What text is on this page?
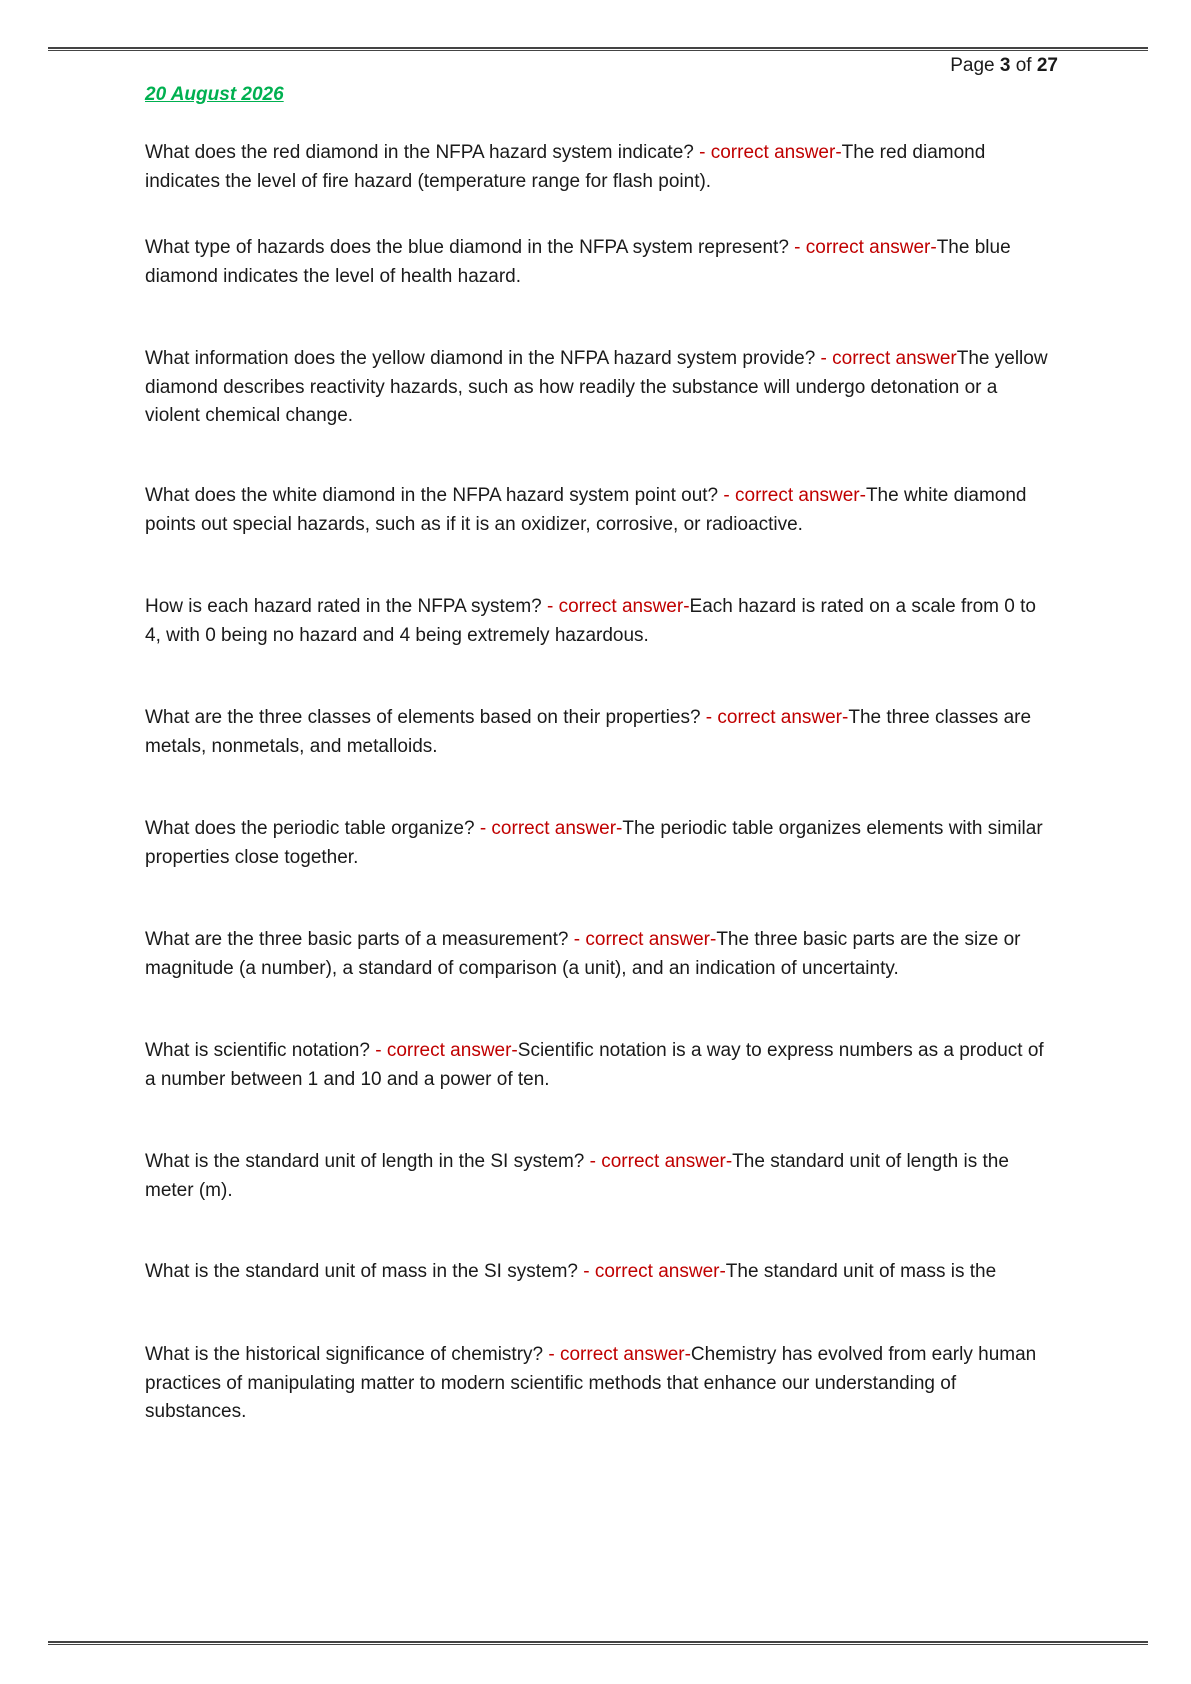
Page 3 of 27
20 August 2026

What does the red diamond in the NFPA hazard system indicate? - correct answer-The red diamond indicates the level of fire hazard (temperature range for flash point).

What type of hazards does the blue diamond in the NFPA system represent? - correct answer-The blue diamond indicates the level of health hazard.

What information does the yellow diamond in the NFPA hazard system provide? - correct answerThe yellow diamond describes reactivity hazards, such as how readily the substance will undergo detonation or a violent chemical change.

What does the white diamond in the NFPA hazard system point out? - correct answer-The white diamond points out special hazards, such as if it is an oxidizer, corrosive, or radioactive.

How is each hazard rated in the NFPA system? - correct answer-Each hazard is rated on a scale from 0 to 4, with 0 being no hazard and 4 being extremely hazardous.

What are the three classes of elements based on their properties? - correct answer-The three classes are metals, nonmetals, and metalloids.

What does the periodic table organize? - correct answer-The periodic table organizes elements with similar properties close together.

What are the three basic parts of a measurement? - correct answer-The three basic parts are the size or magnitude (a number), a standard of comparison (a unit), and an indication of uncertainty.

What is scientific notation? - correct answer-Scientific notation is a way to express numbers as a product of a number between 1 and 10 and a power of ten.

What is the standard unit of length in the SI system? - correct answer-The standard unit of length is the meter (m).

What is the standard unit of mass in the SI system? - correct answer-The standard unit of mass is the

What is the historical significance of chemistry? - correct answer-Chemistry has evolved from early human practices of manipulating matter to modern scientific methods that enhance our understanding of substances.
